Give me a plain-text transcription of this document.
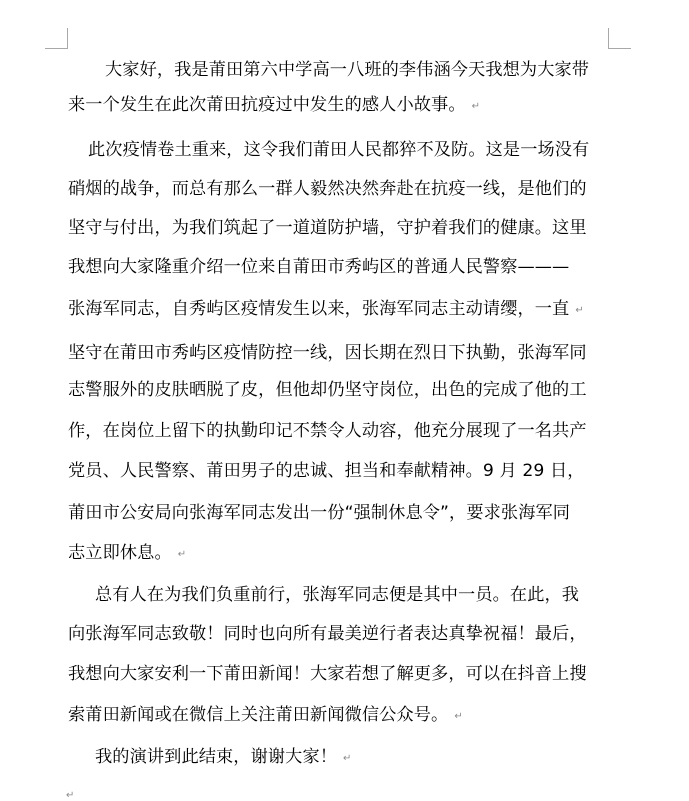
大家好，我是莆田第六中学高一八班的李伟涵今天我想为大家带
来一个发生在此次莆田抗疫过中发生的感人小故事。 ↵
此次疫情卷土重来，这令我们莆田人民都猝不及防。这是一场没有
硝烟的战争，而总有那么一群人毅然决然奔赴在抗疫一线，是他们的
坚守与付出，为我们筑起了一道道防护墙，守护着我们的健康。这里
我想向大家隆重介绍一位来自莆田市秀屿区的普通人民警察———
张海军同志，自秀屿区疫情发生以来，张海军同志主动请缨，一直 ↵
坚守在莆田市秀屿区疫情防控一线，因长期在烈日下执勤，张海军同
志警服外的皮肤晒脱了皮，但他却仍坚守岗位，出色的完成了他的工
作，在岗位上留下的执勤印记不禁令人动容，他充分展现了一名共产
党员、人民警察、莆田男子的忠诚、担当和奉献精神。9 月 29 日，
莆田市公安局向张海军同志发出一份“强制休息令”，要求张海军同
志立即休息。 ↵
总有人在为我们负重前行，张海军同志便是其中一员。在此，我
向张海军同志致敬！同时也向所有最美逆行者表达真挚祝福！最后，
我想向大家安利一下莆田新闻！大家若想了解更多，可以在抖音上搜
索莆田新闻或在微信上关注莆田新闻微信公众号。 ↵
我的演讲到此结束，谢谢大家！ ↵
↵
